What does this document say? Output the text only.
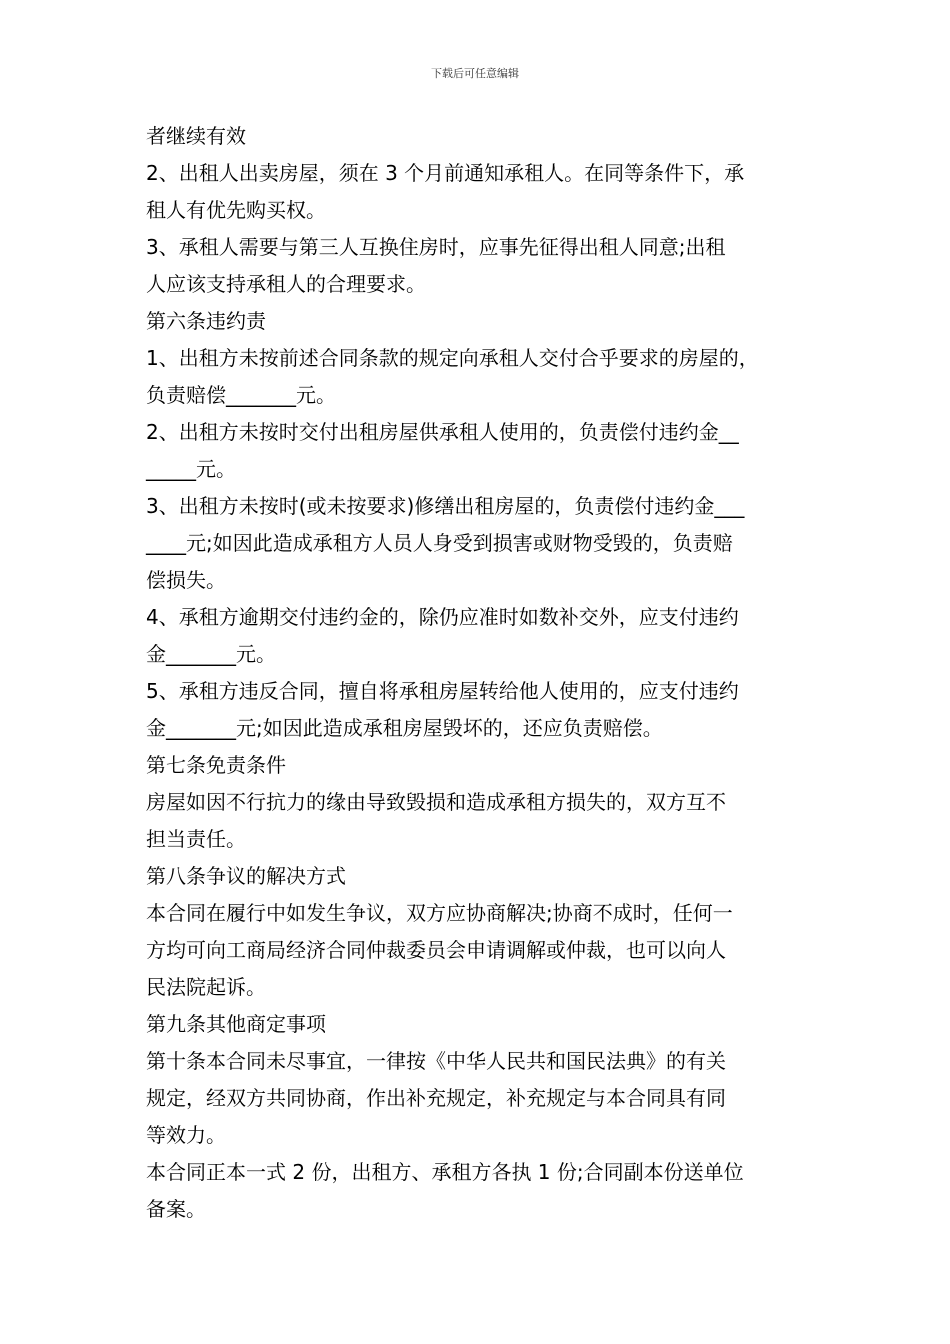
下载后可任意编辑
者继续有效
2、出租人出卖房屋，须在 3 个月前通知承租人。在同等条件下，承
租人有优先购买权。
3、承租人需要与第三人互换住房时，应事先征得出租人同意;出租
人应该支持承租人的合理要求。
第六条违约责
1、出租方未按前述合同条款的规定向承租人交付合乎要求的房屋的，
负责赔偿_______元。
2、出租方未按时交付出租房屋供承租人使用的，负责偿付违约金__
_____元。
3、出租方未按时(或未按要求)修缮出租房屋的，负责偿付违约金___
____元;如因此造成承租方人员人身受到损害或财物受毁的，负责赔
偿损失。
4、承租方逾期交付违约金的，除仍应准时如数补交外，应支付违约
金_______元。
5、承租方违反合同，擅自将承租房屋转给他人使用的，应支付违约
金_______元;如因此造成承租房屋毁坏的，还应负责赔偿。
第七条免责条件
房屋如因不行抗力的缘由导致毁损和造成承租方损失的，双方互不
担当责任。
第八条争议的解决方式
本合同在履行中如发生争议，双方应协商解决;协商不成时，任何一
方均可向工商局经济合同仲裁委员会申请调解或仲裁，也可以向人
民法院起诉。
第九条其他商定事项
第十条本合同未尽事宜，一律按《中华人民共和国民法典》的有关
规定，经双方共同协商，作出补充规定，补充规定与本合同具有同
等效力。
本合同正本一式 2 份，出租方、承租方各执 1 份;合同副本份送单位
备案。
